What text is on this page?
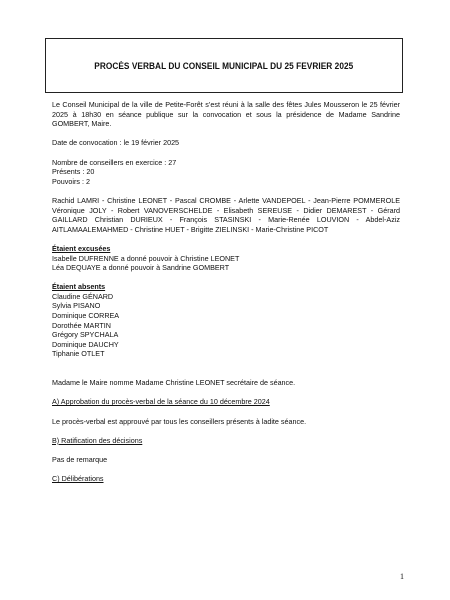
PROCÈS VERBAL DU CONSEIL MUNICIPAL DU 25 FEVRIER 2025

Le Conseil Municipal de la ville de Petite-Forêt s’est réuni à la salle des fêtes Jules Mousseron le 25 février 2025 à 18h30 en séance publique sur la convocation et sous la présidence de Madame Sandrine GOMBERT, Maire.

Date de convocation : le 19 février 2025

Nombre de conseillers en exercice : 27

Présents : 20

Pouvoirs : 2

Rachid LAMRI - Christine LEONET - Pascal CROMBE - Arlette VANDEPOEL - Jean-Pierre POMMEROLE Véronique JOLY - Robert VANOVERSCHELDE - Elisabeth SEREUSE - Didier DEMAREST - Gérard GAILLARD Christian DURIEUX - François STASINSKI - Marie-Renée LOUVION - Abdel-Aziz AITLAMAALEMAHMED - Christine HUET - Brigitte ZIELINSKI - Marie-Christine PICOT

Étaient excusées

Isabelle DUFRENNE a donné pouvoir à Christine LEONET

Léa DEQUAYE a donné pouvoir à Sandrine GOMBERT

Étaient absents

Claudine GÉNARD

Sylvia PISANO

Dominique CORREA

Dorothée MARTIN

Grégory SPYCHALA

Dominique DAUCHY

Tiphanie OTLET

Madame le Maire nomme Madame Christine LEONET secrétaire de séance.

A) Approbation du procès-verbal de la séance du 10 décembre 2024

Le procès-verbal est approuvé par tous les conseillers présents à ladite séance.

B) Ratification des décisions

Pas de remarque

C) Délibérations

1
